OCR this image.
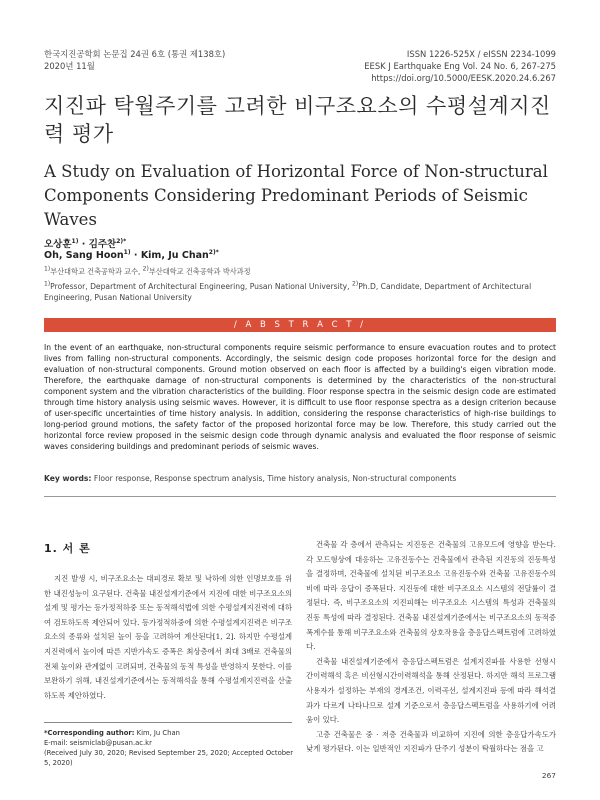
한국지진공학회 논문집 24권 6호 (통권 제138호)
2020년 11월
ISSN 1226-525X / eISSN 2234-1099
EESK J Earthquake Eng Vol. 24 No. 6, 267-275
https://doi.org/10.5000/EESK.2020.24.6.267
지진파 탁월주기를 고려한 비구조요소의 수평설계지진력 평가
A Study on Evaluation of Horizontal Force of Non-structural Components Considering Predominant Periods of Seismic Waves
오상훈$^{1)}$ · 김주찬$^{2)*}$
Oh, Sang Hoon$^{1)}$ · Kim, Ju Chan$^{2)*}$
$^{1)}$부산대학교 건축공학과 교수, $^{2)}$부산대학교 건축공학과 박사과정
$^{1)}$Professor, Department of Architectural Engineering, Pusan National University, $^{2)}$Ph.D, Candidate, Department of Architectural Engineering, Pusan National University
/ A B S T R A C T /
In the event of an earthquake, non-structural components require seismic performance to ensure evacuation routes and to protect lives from falling non-structural components. Accordingly, the seismic design code proposes horizontal force for the design and evaluation of non-structural components. Ground motion observed on each floor is affected by a building's eigen vibration mode. Therefore, the earthquake damage of non-structural components is determined by the characteristics of the non-structural component system and the vibration characteristics of the building. Floor response spectra in the seismic design code are estimated through time history analysis using seismic waves. However, it is difficult to use floor response spectra as a design criterion because of user-specific uncertainties of time history analysis. In addition, considering the response characteristics of high-rise buildings to long-period ground motions, the safety factor of the proposed horizontal force may be low. Therefore, this study carried out the horizontal force review proposed in the seismic design code through dynamic analysis and evaluated the floor response of seismic waves considering buildings and predominant periods of seismic waves.
Key words: Floor response, Response spectrum analysis, Time history analysis, Non-structural components
1. 서 론

지진 발생 시, 비구조요소는 대피경로 확보 및 낙하에 의한 인명보호를 위한 내진성능이 요구된다. 건축물 내진설계기준에서 지진에 대한 비구조요소의 설계 및 평가는 등가정적하중 또는 동적해석법에 의한 수평설계지진력에 대하여 검토하도록 제안되어 있다. 등가정적하중에 의한 수평설계지진력은 비구조요소의 종류와 설치된 높이 등을 고려하여 계산된다[1, 2]. 하지만 수평설계지진력에서 높이에 따른 지반가속도 증폭은 최상층에서 최대 3배로 건축물의 전체 높이와 관계없이 고려되며, 건축물의 동적 특성을 반영하지 못한다. 이를 보완하기 위해, 내진설계기준에서는 동적해석을 통해 수평설계지진력을 산출하도록 제안하였다.

건축물 각 층에서 관측되는 지진동은 건축물의 고유모드에 영향을 받는다. 각 모드형상에 대응하는 고유진동수는 건축물에서 관측된 지진동의 진동특성을 결정하며, 건축물에 설치된 비구조요소 고유진동수와 건축물 고유진동수의 비에 따라 응답이 증폭된다. 지진동에 대한 비구조요소 시스템의 전달률이 결정된다. 즉, 비구조요소의 지진피해는 비구조요소 시스템의 특성과 건축물의 진동 특성에 따라 결정된다. 건축물 내진설계기준에서는 비구조요소의 동적증폭계수를 통해 비구조요소와 건축물의 상호작용을 층응답스펙트럼에 고려하였다.

건축물 내진설계기준에서 층응답스펙트럼은 설계지진파를 사용한 선형시간이력해석 혹은 비선형시간이력해석을 통해 산정된다. 하지만 해석 프로그램 사용자가 설정하는 부재의 경계조건, 이력곡선, 설계지진파 등에 따라 해석결과가 다르게 나타나므로 설계 기준으로서 층응답스펙트럼을 사용하기에 어려움이 있다.

고층 건축물은 중 · 저층 건축물과 비교하여 지진에 의한 층응답가속도가 낮게 평가된다. 이는 일반적인 지진파가 단주기 성분이 탁월하다는 점을 고

*Corresponding author: Kim, Ju Chan
E-mail: seismiclab@pusan.ac.kr
(Received July 30, 2020; Revised September 25, 2020; Accepted October 5, 2020)
267
